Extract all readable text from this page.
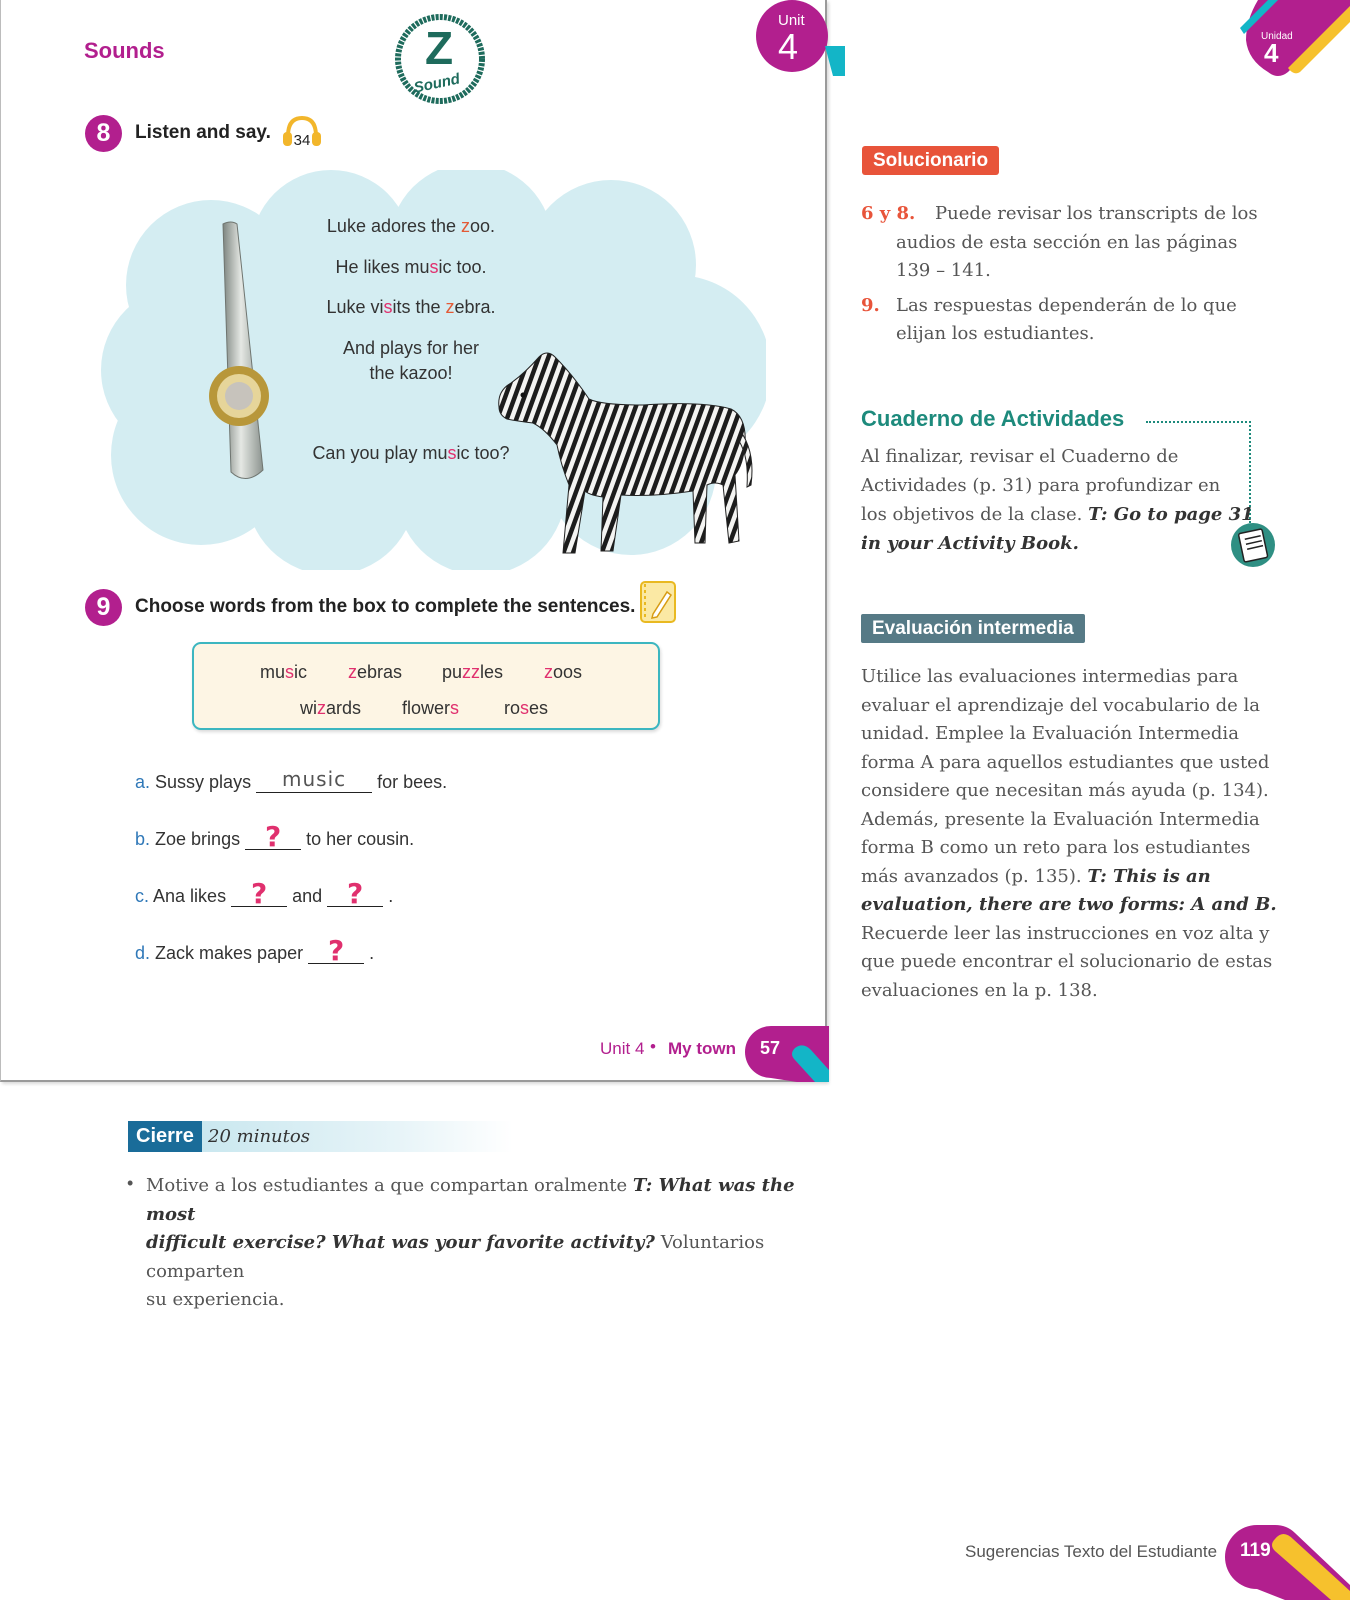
Sounds	Z
Sound
Unit
4
8	Listen and say. 34
Luke adores the zoo.
He likes music too.
Luke visits the zebra.
And plays for her
the kazoo!
Can you play music too?
9	Choose words from the box to complete the sentences.
music zebras puzzles zoos
wizards flowers roses
a. Sussy plays	music	for bees.
b. Zoe brings ? to her cousin.
c. Ana likes ? and ? .
d. Zack makes paper ? .
Unit 4 • My town 57
Unidad
4
Solucionario
6 y 8. Puede revisar los transcripts de los
audios de esta sección en las páginas
139 – 141.
9. Las respuestas dependerán de lo que
elijan los estudiantes.
Cuaderno de Actividades
Al finalizar, revisar el Cuaderno de
Actividades (p. 31) para profundizar en
los objetivos de la clase. T: Go to page 31
in your Activity Book.
Evaluación intermedia
Utilice las evaluaciones intermedias para
evaluar el aprendizaje del vocabulario de la
unidad. Emplee la Evaluación Intermedia
forma A para aquellos estudiantes que usted
considere que necesitan más ayuda (p. 134).
Además, presente la Evaluación Intermedia
forma B como un reto para los estudiantes
más avanzados (p. 135). T: This is an
evaluation, there are two forms: A and B.
Recuerde leer las instrucciones en voz alta y
que puede encontrar el solucionario de estas
evaluaciones en la p. 138.
Cierre 20 minutos
• Motive a los estudiantes a que compartan oralmente T: What was the most
difficult exercise? What was your favorite activity? Voluntarios comparten
su experiencia.
Sugerencias Texto del Estudiante 119
